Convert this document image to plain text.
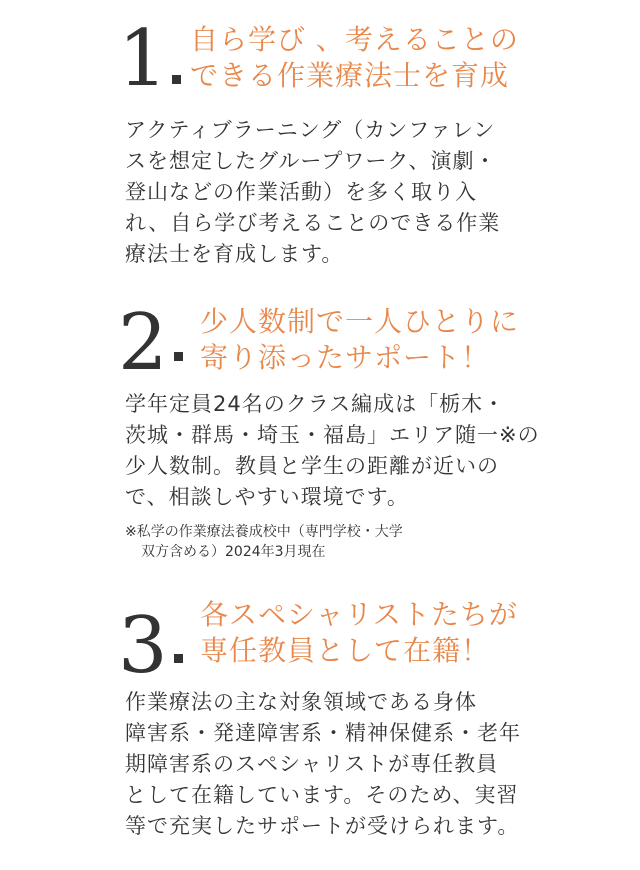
1 自ら学び 、考えることの
できる作業療法士を育成
アクティブラーニング（カンファレン
スを想定したグループワーク、演劇・
登山などの作業活動）を多く取り入
れ、自ら学び考えることのできる作業
療法士を育成します。
2 少人数制で一人ひとりに
寄り添ったサポート！
学年定員24名のクラス編成は「栃木・
茨城・群馬・埼玉・福島」エリア随一※の
少人数制。教員と学生の距離が近いの
で、相談しやすい環境です。
※私学の作業療法養成校中（専門学校・大学
双方含める）2024年3月現在
3 各スペシャリストたちが
専任教員として在籍！
作業療法の主な対象領域である身体
障害系・発達障害系・精神保健系・老年
期障害系のスペシャリストが専任教員
として在籍しています。そのため、実習
等で充実したサポートが受けられます。
